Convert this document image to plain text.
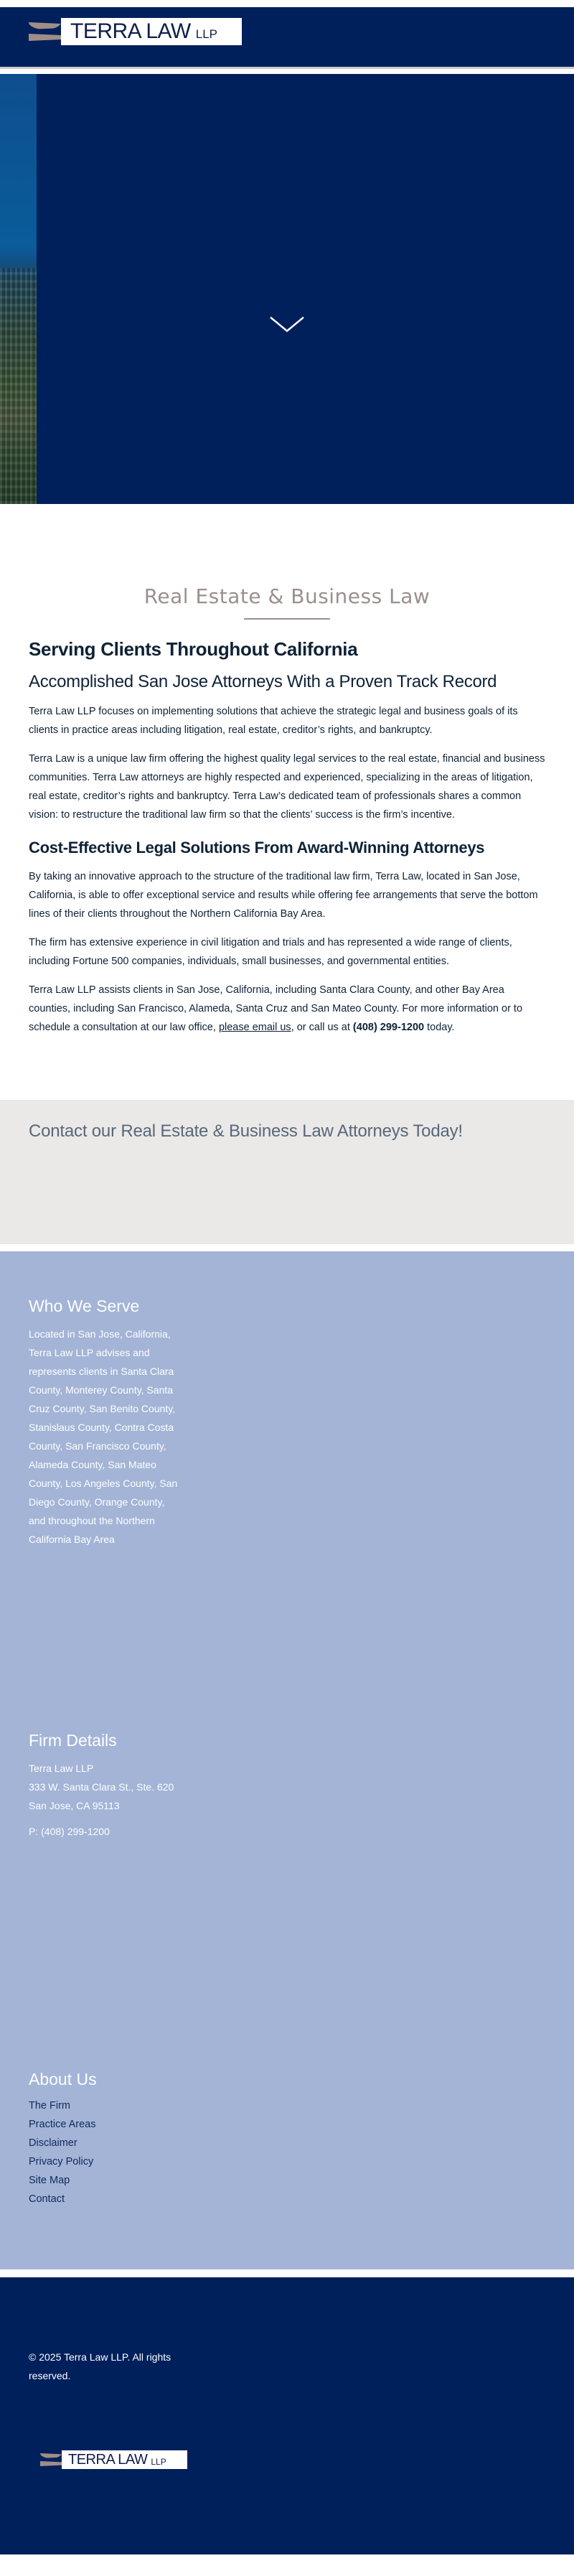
TERRA LAW LLP
Real Estate & Business Law
Serving Clients Throughout California
Accomplished San Jose Attorneys With a Proven Track Record

Terra Law LLP focuses on implementing solutions that achieve the strategic legal and business goals of its clients in practice areas including litigation, real estate, creditor’s rights, and bankruptcy.

Terra Law is a unique law firm offering the highest quality legal services to the real estate, financial and business communities. Terra Law attorneys are highly respected and experienced, specializing in the areas of litigation, real estate, creditor’s rights and bankruptcy. Terra Law’s dedicated team of professionals shares a common vision: to restructure the traditional law firm so that the clients’ success is the firm’s incentive.

Cost-Effective Legal Solutions From Award-Winning Attorneys

By taking an innovative approach to the structure of the traditional law firm, Terra Law, located in San Jose, California, is able to offer exceptional service and results while offering fee arrangements that serve the bottom lines of their clients throughout the Northern California Bay Area.

The firm has extensive experience in civil litigation and trials and has represented a wide range of clients, including Fortune 500 companies, individuals, small businesses, and governmental entities.

Terra Law LLP assists clients in San Jose, California, including Santa Clara County, and other Bay Area counties, including San Francisco, Alameda, Santa Cruz and San Mateo County. For more information or to schedule a consultation at our law office, please email us, or call us at (408) 299-1200 today.

Contact our Real Estate & Business Law Attorneys Today!
Who We Serve

Located in San Jose, California, Terra Law LLP advises and represents clients in Santa Clara County, Monterey County, Santa Cruz County, San Benito County, Stanislaus County, Contra Costa County, San Francisco County, Alameda County, San Mateo County, Los Angeles County, San Diego County, Orange County, and throughout the Northern California Bay Area

Firm Details
Terra Law LLP
333 W. Santa Clara St., Ste. 620
San Jose, CA 95113
P: (408) 299-1200
About Us
The Firm
Practice Areas
Disclaimer
Privacy Policy
Site Map
Contact

© 2025 Terra Law LLP. All rights reserved.

TERRA LAW LLP
